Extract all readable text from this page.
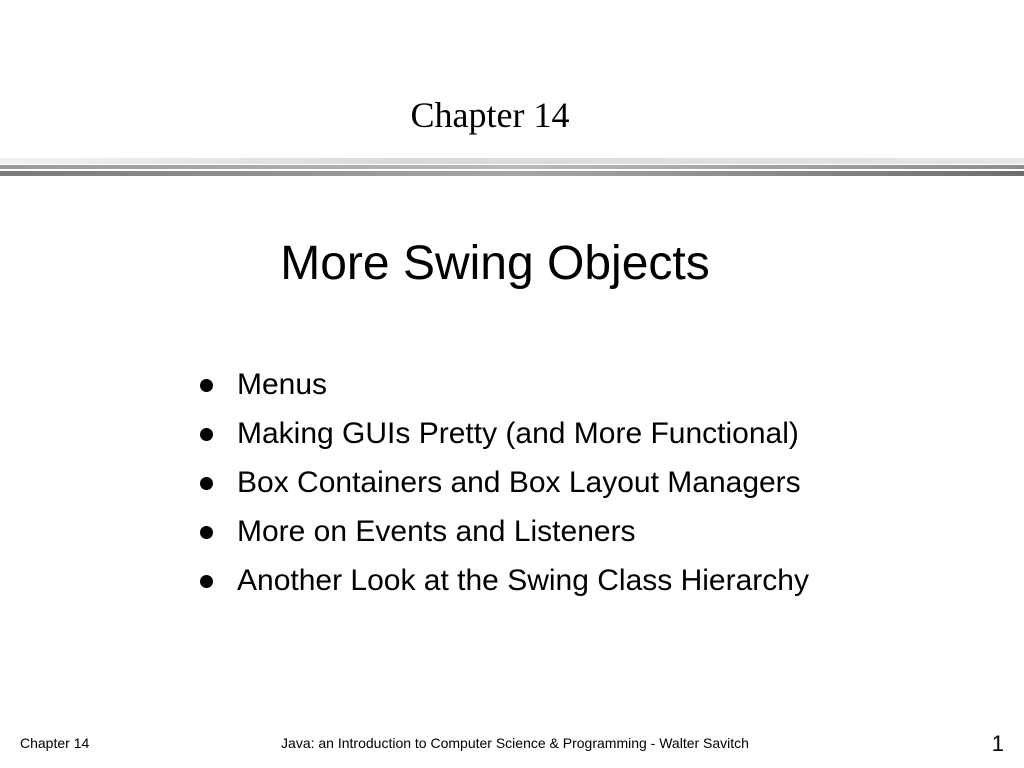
Chapter 14
More Swing Objects
Menus
Making GUIs Pretty (and More Functional)
Box Containers and Box Layout Managers
More on Events and Listeners
Another Look at the Swing Class Hierarchy
Chapter 14	Java: an Introduction to Computer Science & Programming - Walter Savitch	1
